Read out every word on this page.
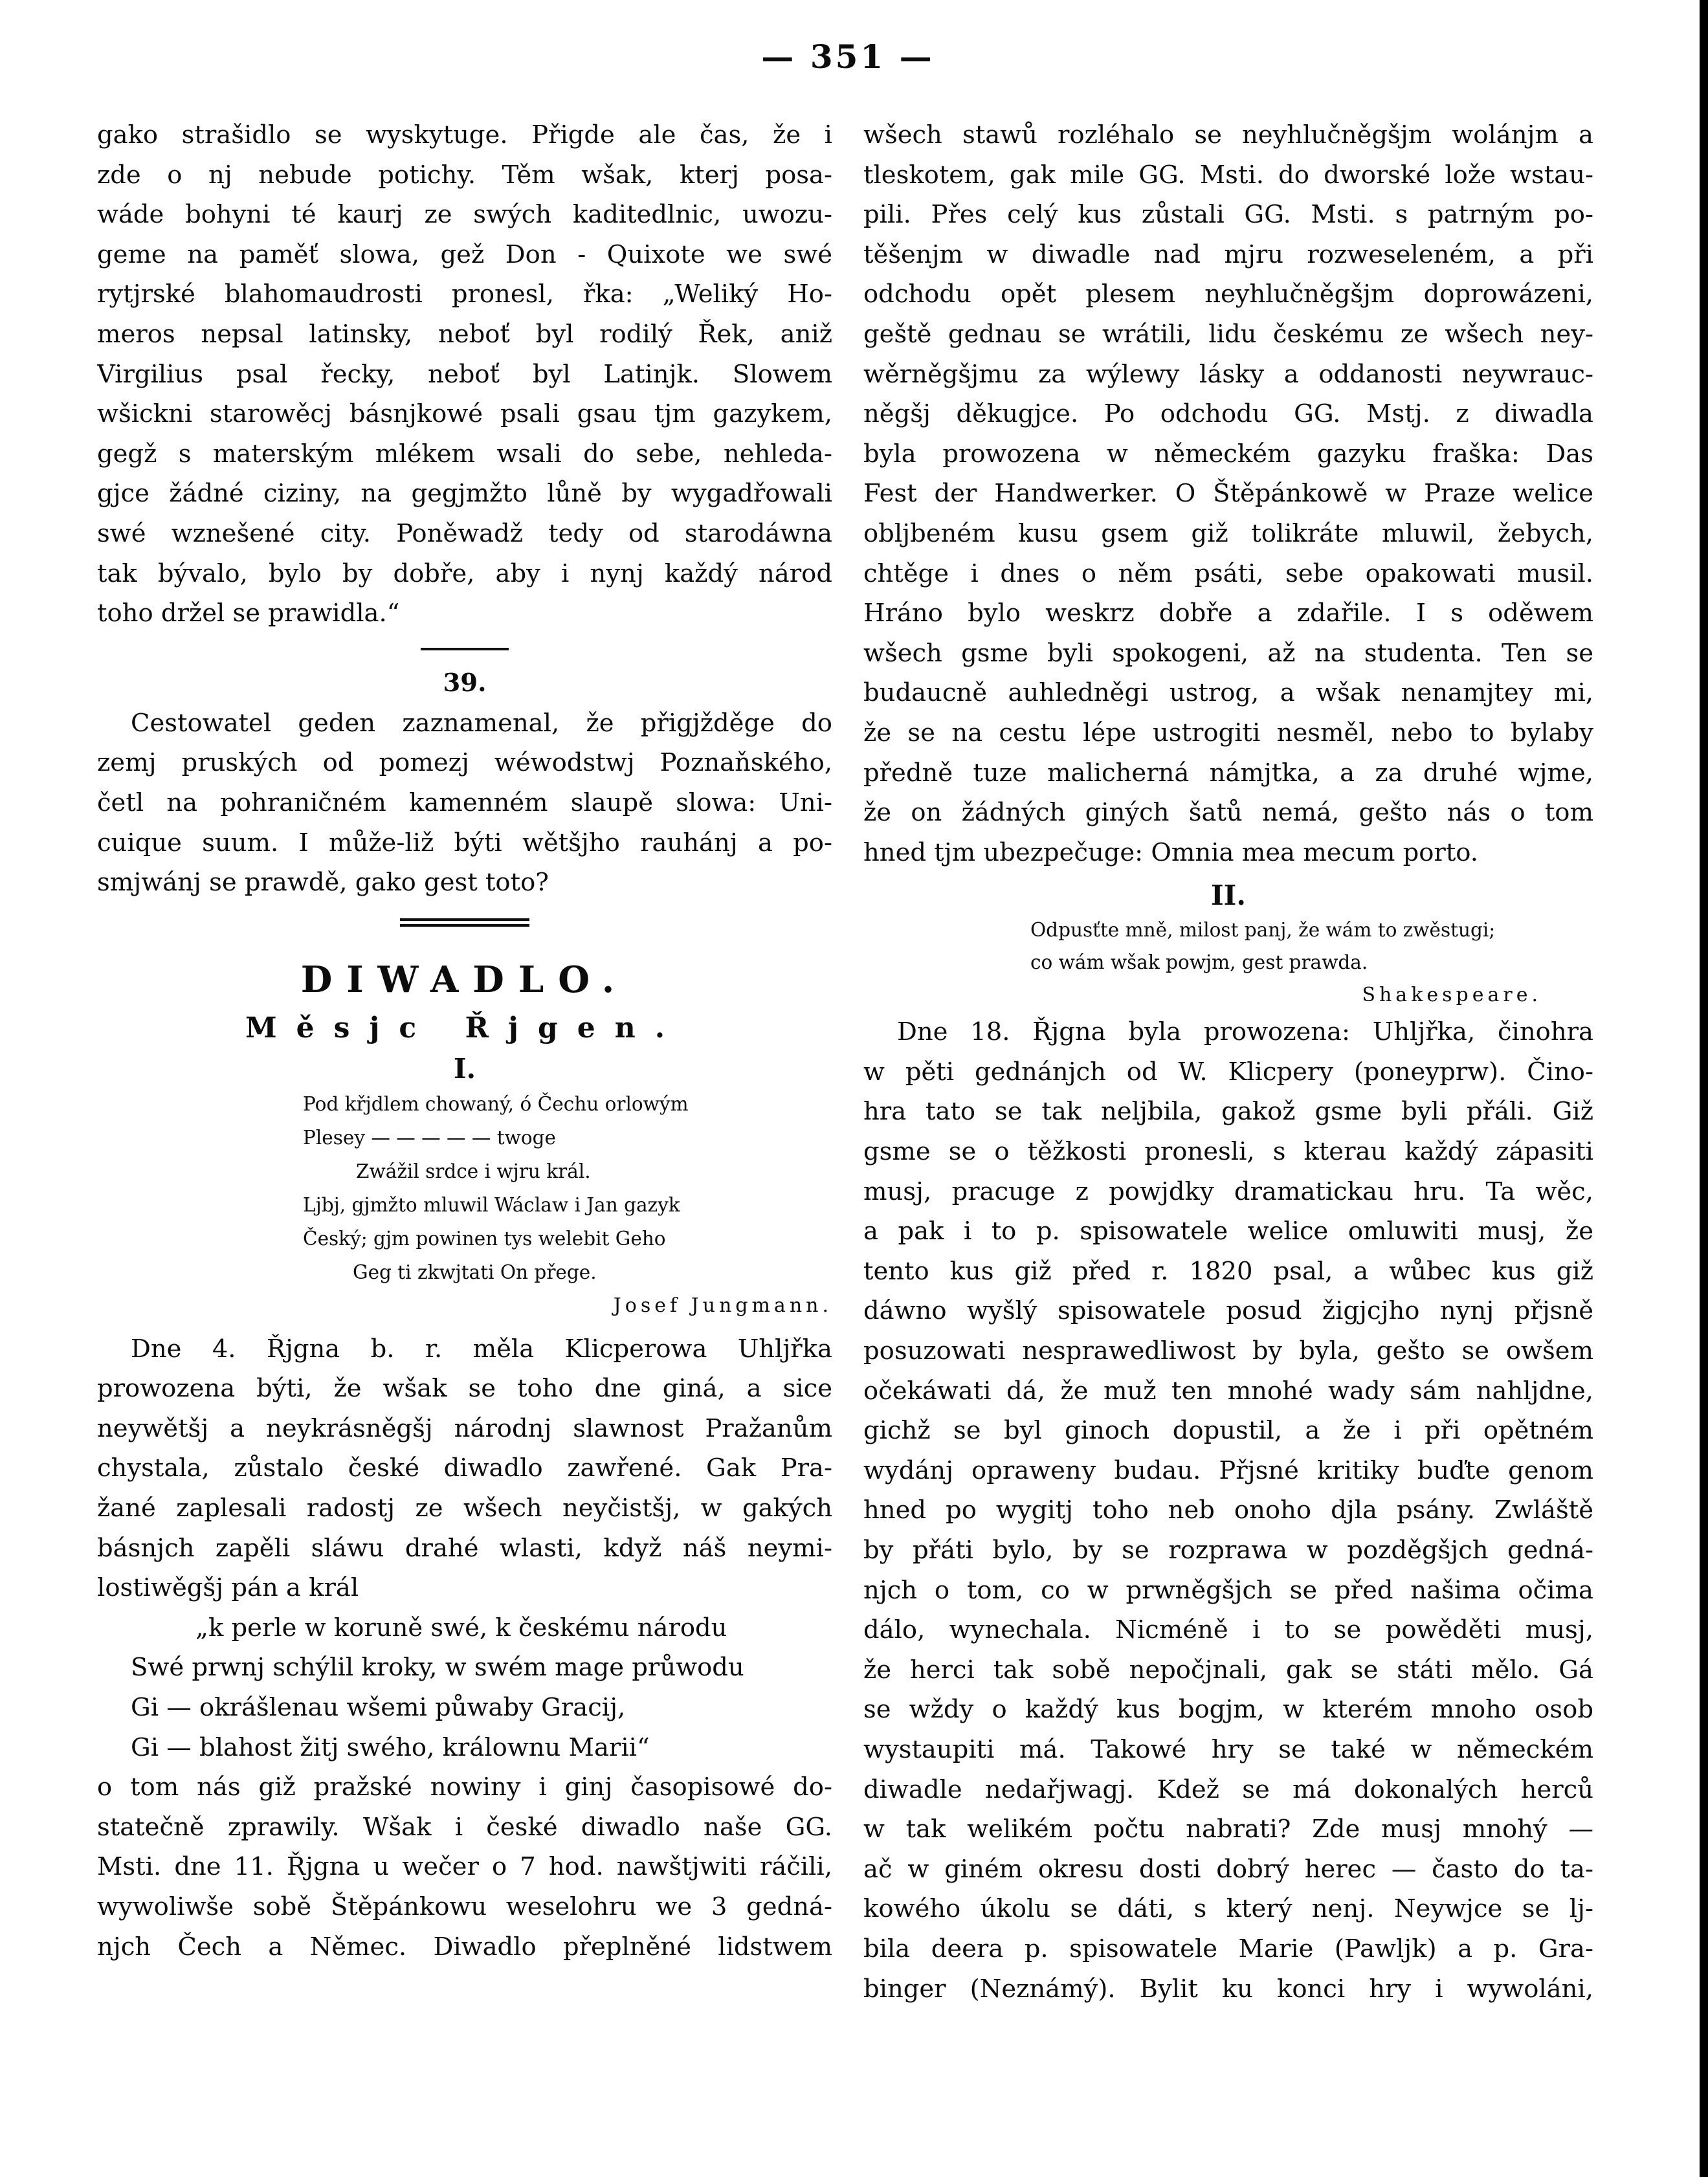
— 351 —
gako strašidlo se wyskytuge. Přigde ale čas, že i
zde o nj nebude potichy. Těm wšak, kterj posa-
wáde bohyni té kaurj ze swých kaditedlnic, uwozu-
geme na paměť slowa, gež Don - Quixote we swé
rytjrské blahomaudrosti pronesl, řka: „Weliký Ho-
meros nepsal latinsky, neboť byl rodilý Řek, aniž
Virgilius psal řecky, neboť byl Latinjk. Slowem
wšickni starowěcj básnjkowé psali gsau tjm gazykem,
gegž s materským mlékem wsali do sebe, nehleda-
gjce žádné ciziny, na gegjmžto lůně by wygadřowali
swé wznešené city. Poněwadž tedy od starodáwna
tak bývalo, bylo by dobře, aby i nynj každý národ
toho držel se prawidla.“
39.
Cestowatel geden zaznamenal, že přigjžděge do
zemj pruských od pomezj wéwodstwj Poznaňského,
četl na pohraničném kamenném slaupě slowa: Uni-
cuique suum. I může-liž býti wětšjho rauhánj a po-
smjwánj se prawdě, gako gest toto?
DIWADLO.
Měsjc Řjgen.
I.
Pod křjdlem chowaný, ó Čechu orlowým
Plesey — — — — — twoge
Zwážil srdce i wjru král.
Ljbj, gjmžto mluwil Wáclaw i Jan gazyk
Český; gjm powinen tys welebit Geho
Geg ti zkwjtati On přege.
Josef Jungmann.
Dne 4. Řjgna b. r. měla Klicperowa Uhljřka
prowozena býti, že wšak se toho dne giná, a sice
neywětšj a neykrásněgšj národnj slawnost Pražanům
chystala, zůstalo české diwadlo zawřené. Gak Pra-
žané zaplesali radostj ze wšech neyčistšj, w gakých
básnjch zapěli sláwu drahé wlasti, když náš neymi-
lostiwěgšj pán a král
„k perle w koruně swé, k českému národu
Swé prwnj schýlil kroky, w swém mage průwodu
Gi — okrášlenau wšemi půwaby Gracij,
Gi — blahost žitj swého, králownu Marii“
o tom nás giž pražské nowiny i ginj časopisowé do-
statečně zprawily. Wšak i české diwadlo naše GG.
Msti. dne 11. Řjgna u wečer o 7 hod. nawštjwiti ráčili,
wywoliwše sobě Štěpánkowu weselohru we 3 gedná-
njch Čech a Němec. Diwadlo přeplněné lidstwem
wšech stawů rozléhalo se neyhlučněgšjm wolánjm a
tleskotem, gak mile GG. Msti. do dworské lože wstau-
pili. Přes celý kus zůstali GG. Msti. s patrným po-
těšenjm w diwadle nad mjru rozweseleném, a při
odchodu opět plesem neyhlučněgšjm doprowázeni,
geště gednau se wrátili, lidu českému ze wšech ney-
wěrněgšjmu za wýlewy lásky a oddanosti neywrauc-
něgšj děkugjce. Po odchodu GG. Mstj. z diwadla
byla prowozena w německém gazyku fraška: Das
Fest der Handwerker. O Štěpánkowě w Praze welice
obljbeném kusu gsem giž tolikráte mluwil, žebych,
chtěge i dnes o něm psáti, sebe opakowati musil.
Hráno bylo weskrz dobře a zdařile. I s oděwem
wšech gsme byli spokogeni, až na studenta. Ten se
budaucně auhledněgi ustrog, a wšak nenamjtey mi,
že se na cestu lépe ustrogiti nesměl, nebo to bylaby
předně tuze malicherná námjtka, a za druhé wjme,
že on žádných giných šatů nemá, gešto nás o tom
hned tjm ubezpečuge: Omnia mea mecum porto.
II.
Odpusťte mně, milost panj, že wám to zwěstugi;
co wám wšak powjm, gest prawda.
Shakespeare.
Dne 18. Řjgna byla prowozena: Uhljřka, činohra
w pěti gednánjch od W. Klicpery (poneyprw). Čino-
hra tato se tak neljbila, gakož gsme byli přáli. Giž
gsme se o těžkosti pronesli, s kterau každý zápasiti
musj, pracuge z powjdky dramatickau hru. Ta wěc,
a pak i to p. spisowatele welice omluwiti musj, že
tento kus giž před r. 1820 psal, a wůbec kus giž
dáwno wyšlý spisowatele posud žigjcjho nynj přjsně
posuzowati nesprawedliwost by byla, gešto se owšem
očekáwati dá, že muž ten mnohé wady sám nahljdne,
gichž se byl ginoch dopustil, a že i při opětném
wydánj oprawenу budau. Přjsné kritiky buďte genom
hned po wygitj toho neb onoho djla psány. Zwláště
by přáti bylo, by se rozprawa w pozděgšjch gedná-
njch o tom, co w prwněgšjch se před našima očima
dálo, wynechala. Nicméně i to se powěděti musj,
že herci tak sobě nepočjnali, gak se státi mělo. Gá
se wždy o každý kus bogjm, w kterém mnoho osob
wystaupiti má. Takowé hry se také w německém
diwadle nedařjwagj. Kdež se má dokonalých herců
w tak welikém počtu nabrati? Zde musj mnohý —
ač w giném okresu dosti dobrý herec — často do ta-
kowého úkolu se dáti, s který nenj. Neywjce se lj-
bila deera p. spisowatele Marie (Pawljk) a p. Gra-
binger (Neznámý). Bylit ku konci hry i wywoláni,
